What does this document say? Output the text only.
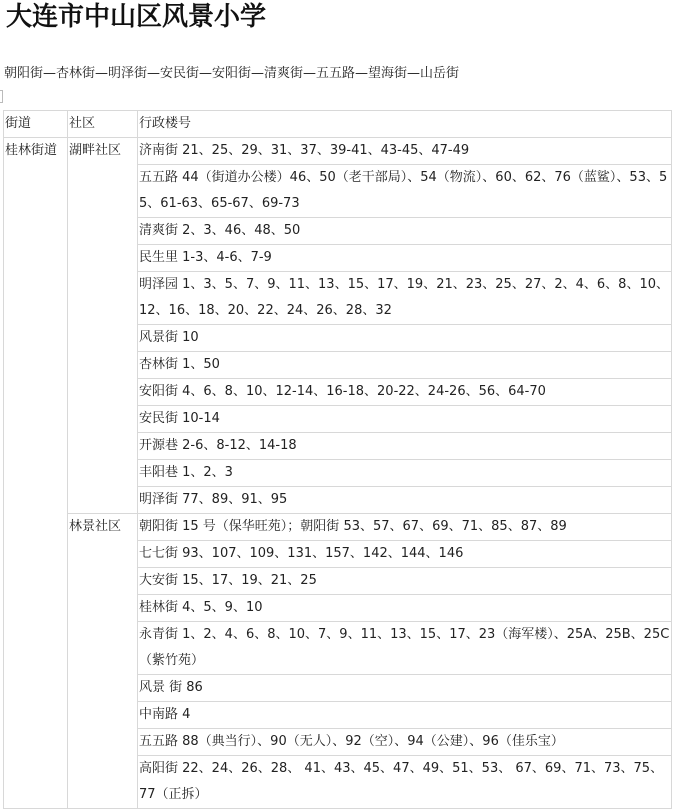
大连市中山区风景小学
朝阳街—杏林街—明泽街—安民街—安阳街—清爽街—五五路—望海街—山岳街
街道	社区	行政楼号
桂林街道	湖畔社区	济南街 21、25、29、31、37、39-41、43-45、47-49
		五五路 44（街道办公楼）46、50（老干部局）、54（物流）、60、62、76（蓝鲨）、53、55、61-63、65-67、69-73
		清爽街 2、3、46、48、50
		民生里 1-3、4-6、7-9
		明泽园 1、3、5、7、9、11、13、15、17、19、21、23、25、27、2、4、6、8、10、12、16、18、20、22、24、26、28、32
		风景街 10
		杏林街 1、50
		安阳街 4、6、8、10、12-14、16-18、20-22、24-26、56、64-70
		安民街 10-14
		开源巷 2-6、8-12、14-18
		丰阳巷 1、2、3
		明泽街 77、89、91、95
	林景社区	朝阳街 15 号（保华旺苑）；朝阳街 53、57、67、69、71、85、87、89
		七七街 93、107、109、131、157、142、144、146
		大安街 15、17、19、21、25
		桂林街 4、5、9、10
		永青街 1、2、4、6、8、10、7、9、11、13、15、17、23（海军楼）、25A、25B、25C（紫竹苑）
		风景 街 86
		中南路 4
		五五路 88（典当行）、90（无人）、92（空）、94（公建）、96（佳乐宝）
		高阳街 22、24、26、28、 41、43、45、47、49、51、53、 67、69、71、73、75、77（正拆）
